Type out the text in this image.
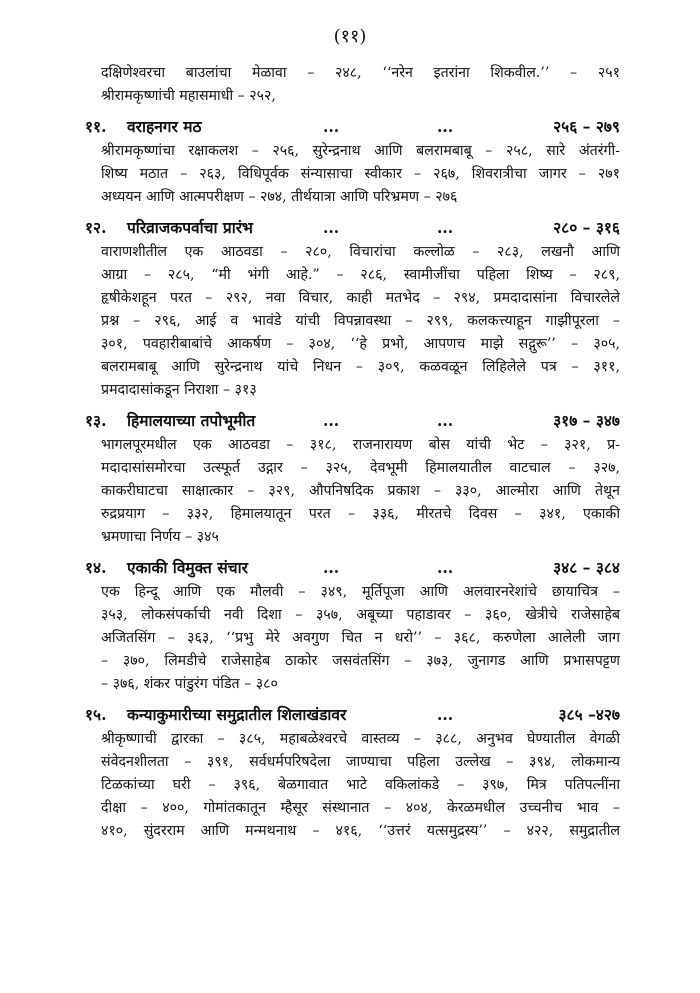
(११)
दक्षिणेश्वरचा बाउलांचा मेळावा – २४८, ‘‘नरेन इतरांना शिकवील.’’ – २५१
श्रीरामकृष्णांची महासमाधी – २५२,
११. वराहनगर मठ	...	...	२५६ – २७९
श्रीरामकृष्णांचा रक्षाकलश – २५६, सुरेन्द्रनाथ आणि बलरामबाबू – २५८, सारे अंतरंगी-
शिष्य मठात – २६३, विधिपूर्वक संन्यासाचा स्वीकार – २६७, शिवरात्रीचा जागर – २७१
अध्ययन आणि आत्मपरीक्षण – २७४, तीर्थयात्रा आणि परिभ्रमण – २७६
१२. परिव्राजकपर्वाचा प्रारंभ	...	...	२८० – ३१६
वाराणशीतील एक आठवडा – २८०, विचारांचा कल्लोळ – २८३, लखनौ आणि
आग्रा – २८५, “मी भंगी आहे.” – २८६, स्वामीजींचा पहिला शिष्य – २८९,
हृषीकेशहून परत – २९२, नवा विचार, काही मतभेद – २९४, प्रमदादासांना विचारलेले
प्रश्न – २९६, आई व भावंडे यांची विपन्नावस्था – २९९, कलकत्त्याहून गाझीपूरला –
३०१, पवहारीबाबांचे आकर्षण – ३०४, ‘‘हे प्रभो, आपणच माझे सद्गुरू’’ – ३०५,
बलरामबाबू आणि सुरेन्द्रनाथ यांचे निधन – ३०९, कळवळून लिहिलेले पत्र – ३११,
प्रमदादासांकडून निराशा – ३१३
१३. हिमालयाच्या तपोभूमीत	...	...	३१७ – ३४७
भागलपूरमधील एक आठवडा – ३१८, राजनारायण बोस यांची भेट – ३२१, प्र-
मदादासांसमोरचा उत्स्फूर्त उद्गार – ३२५, देवभूमी हिमालयातील वाटचाल – ३२७,
काकरीघाटचा साक्षात्कार – ३२९, औपनिषदिक प्रकाश – ३३०, आल्मोरा आणि तेथून
रुद्रप्रयाग – ३३२, हिमालयातून परत – ३३६, मीरतचे दिवस – ३४१, एकाकी
भ्रमणाचा निर्णय – ३४५
१४. एकाकी विमुक्त संचार	...	...	३४८ – ३८४
एक हिन्दू आणि एक मौलवी – ३४९, मूर्तिपूजा आणि अलवारनरेशांचे छायाचित्र –
३५३, लोकसंपर्काची नवी दिशा – ३५७, अबूच्या पहाडावर – ३६०, खेत्रीचे राजेसाहेब
अजितसिंग – ३६३, ‘‘प्रभु मेरे अवगुण चित न धरो’’ – ३६८, करुणेला आलेली जाग
– ३७०, लिमडीचे राजेसाहेब ठाकोर जसवंतसिंग – ३७३, जुनागड आणि प्रभासपट्टण
– ३७६, शंकर पांडुरंग पंडित – ३८०
१५. कन्याकुमारीच्या समुद्रातील शिलाखंडावर	...	३८५ –४२७
श्रीकृष्णाची द्वारका – ३८५, महाबळेश्वरचे वास्तव्य – ३८८, अनुभव घेण्यातील वेगळी
संवेदनशीलता – ३९१, सर्वधर्मपरिषदेला जाण्याचा पहिला उल्लेख – ३९४, लोकमान्य
टिळकांच्या घरी – ३९६, बेळगावात भाटे वकिलांकडे – ३९७, मित्र पतिपत्नींना
दीक्षा – ४००, गोमांतकातून म्हैसूर संस्थानात – ४०४, केरळमधील उच्चनीच भाव –
४१०, सुंदरराम आणि मन्मथनाथ – ४१६, ‘‘उत्तरं यत्समुद्रस्य’’ – ४२२, समुद्रातील
